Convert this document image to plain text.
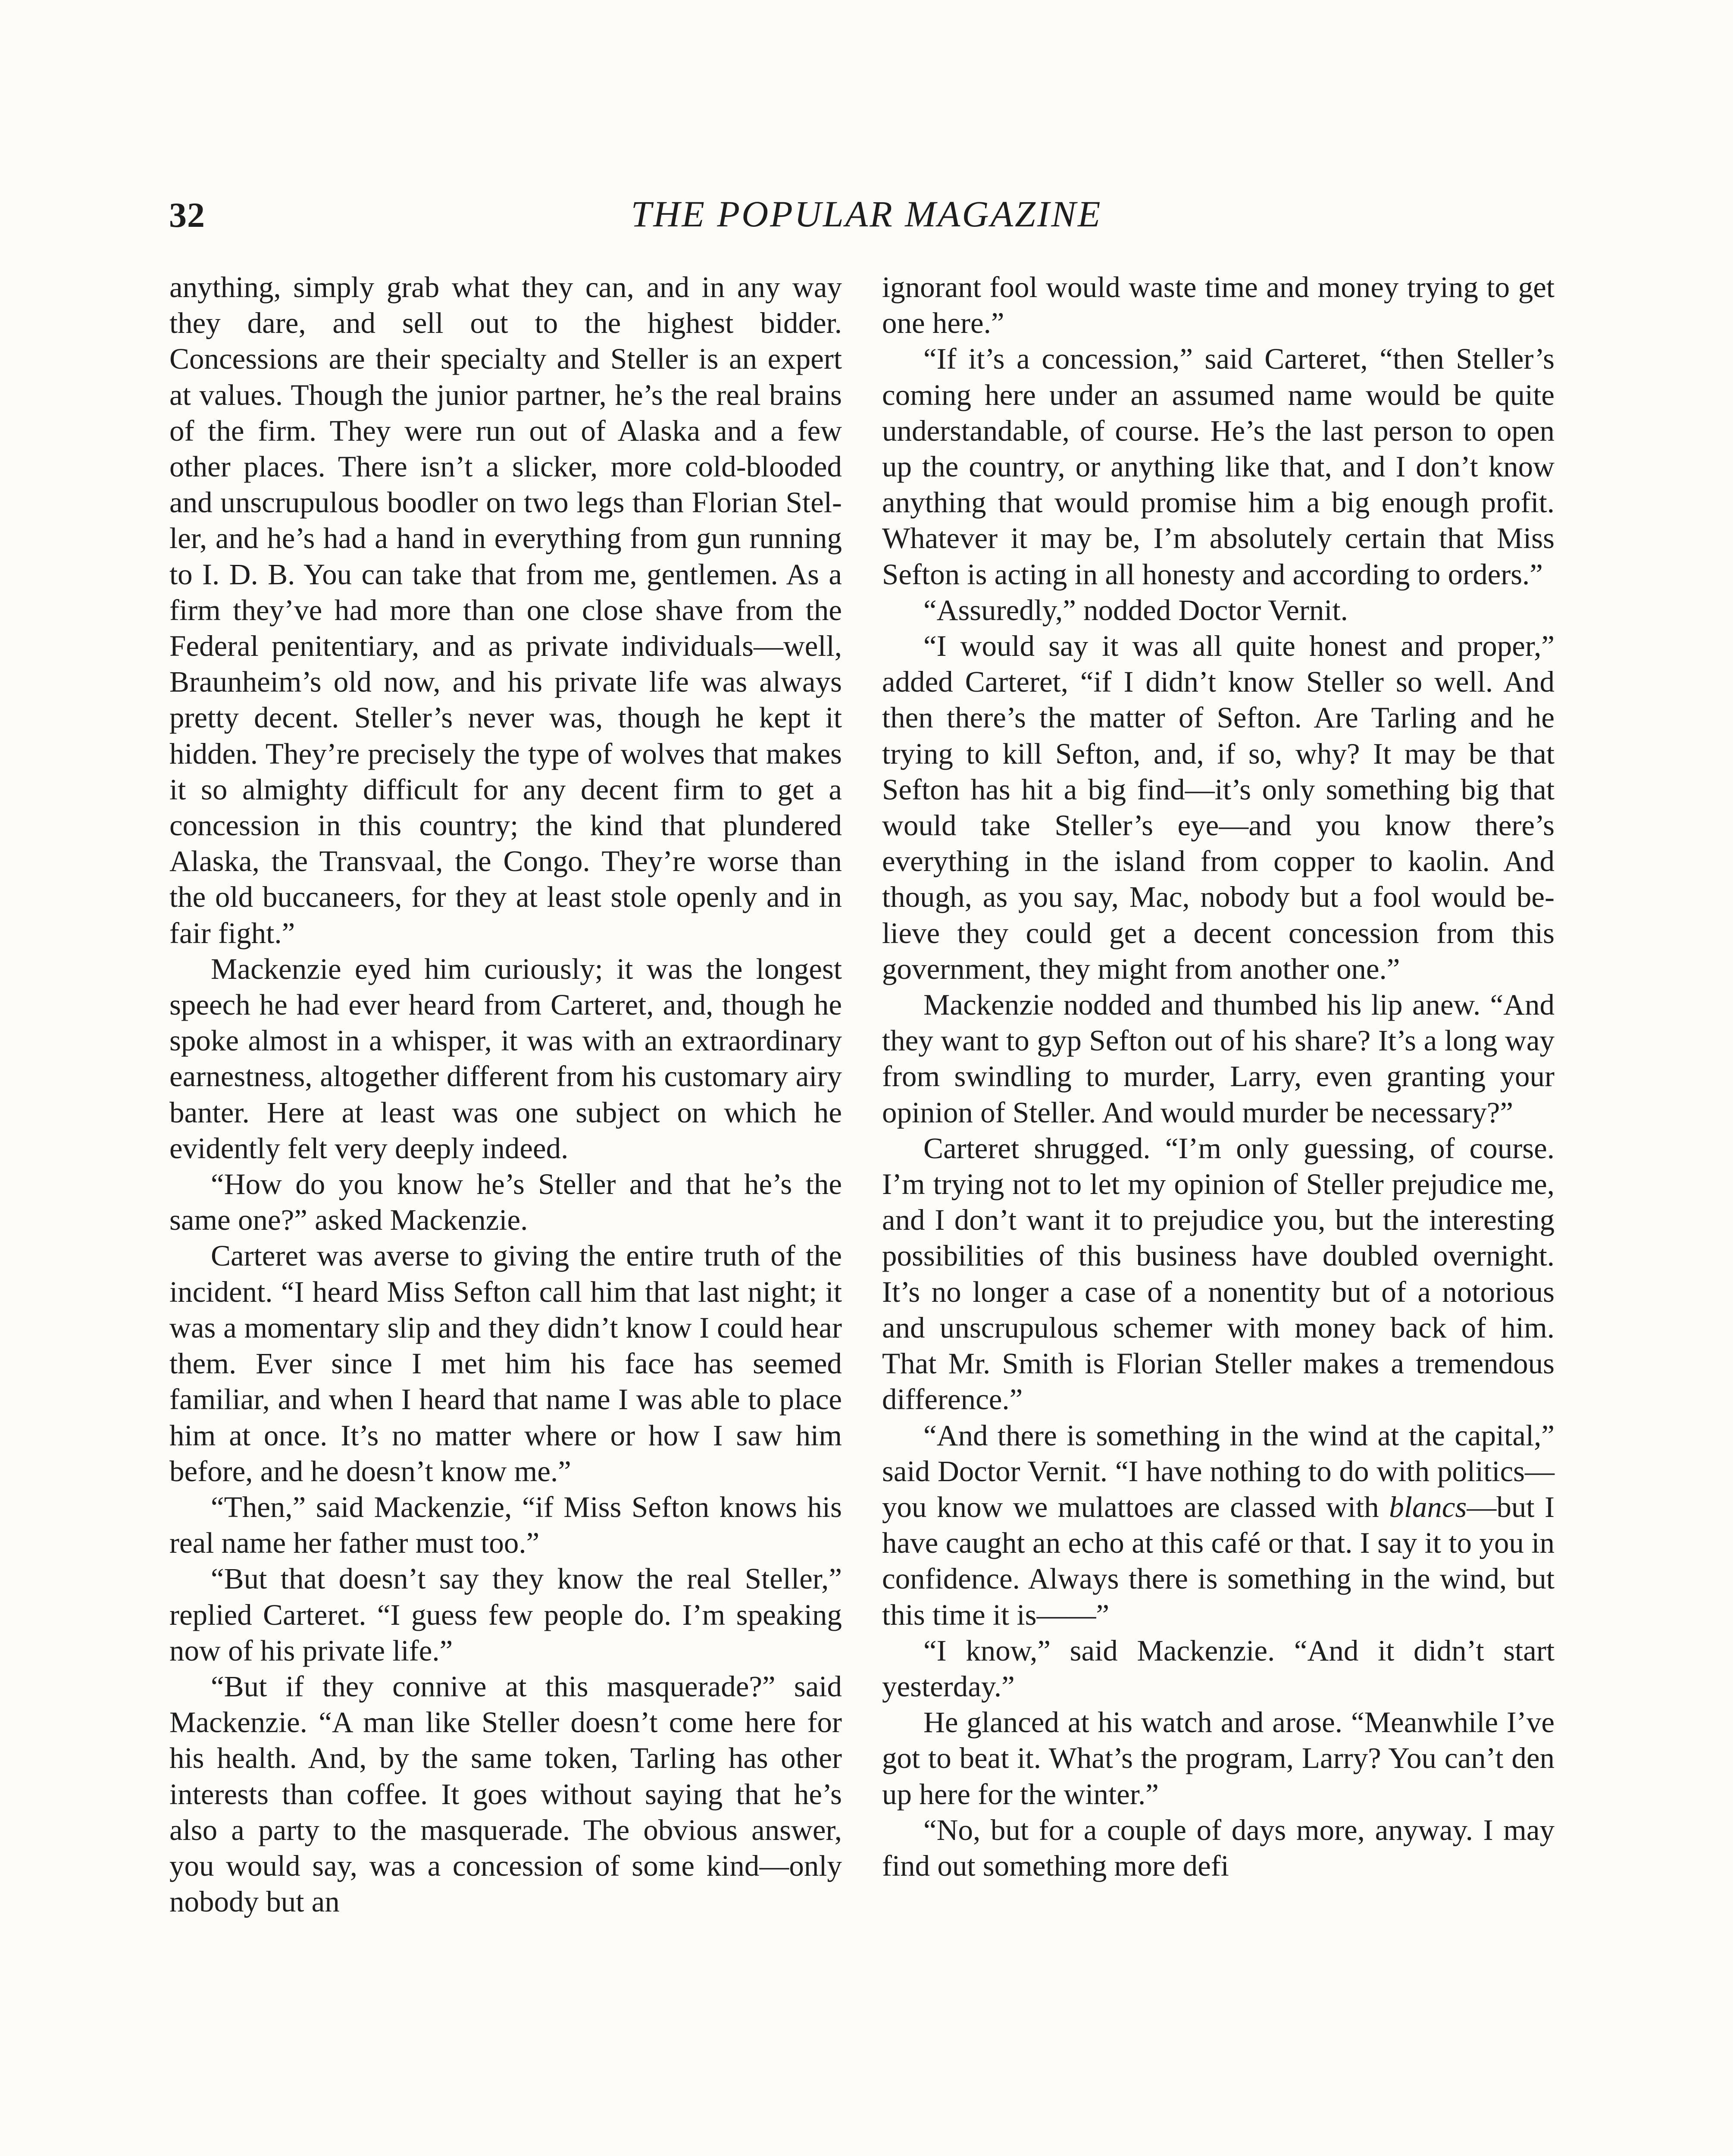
32	THE POPULAR MAGAZINE

anything, simply grab what they can, and in any way they dare, and sell out to the highest bidder. Concessions are their specialty and Steller is an expert at values. Though the junior partner, he’s the real brains of the firm. They were run out of Alaska and a few other places. There isn’t a slicker, more cold-blooded and unscrupulous boodler on two legs than Florian Steller, and he’s had a hand in everything from gun running to I. D. B. You can take that from me, gentlemen. As a firm they’ve had more than one close shave from the Federal penitentiary, and as private individuals—well, Braunheim’s old now, and his private life was always pretty decent. Steller’s never was, though he kept it hidden. They’re precisely the type of wolves that makes it so almighty difficult for any decent firm to get a concession in this country; the kind that plundered Alaska, the Transvaal, the Congo. They’re worse than the old buccaneers, for they at least stole openly and in fair fight.”

Mackenzie eyed him curiously; it was the longest speech he had ever heard from Carteret, and, though he spoke almost in a whisper, it was with an extraordinary earnestness, altogether different from his customary airy banter. Here at least was one subject on which he evidently felt very deeply indeed.

“How do you know he’s Steller and that he’s the same one?” asked Mackenzie.

Carteret was averse to giving the entire truth of the incident. “I heard Miss Sefton call him that last night; it was a momentary slip and they didn’t know I could hear them. Ever since I met him his face has seemed familiar, and when I heard that name I was able to place him at once. It’s no matter where or how I saw him before, and he doesn’t know me.”

“Then,” said Mackenzie, “if Miss Sefton knows his real name her father must too.”

“But that doesn’t say they know the real Steller,” replied Carteret. “I guess few people do. I’m speaking now of his private life.”

“But if they connive at this masquerade?” said Mackenzie. “A man like Steller doesn’t come here for his health. And, by the same token, Tarling has other interests than coffee. It goes without saying that he’s also a party to the masquerade. The obvious answer, you would say, was a concession of some kind—only nobody but an

ignorant fool would waste time and money trying to get one here.”

“If it’s a concession,” said Carteret, “then Steller’s coming here under an assumed name would be quite understandable, of course. He’s the last person to open up the country, or anything like that, and I don’t know anything that would promise him a big enough profit. Whatever it may be, I’m absolutely certain that Miss Sefton is acting in all honesty and according to orders.”

“Assuredly,” nodded Doctor Vernit.

“I would say it was all quite honest and proper,” added Carteret, “if I didn’t know Steller so well. And then there’s the matter of Sefton. Are Tarling and he trying to kill Sefton, and, if so, why? It may be that Sefton has hit a big find—it’s only something big that would take Steller’s eye—and you know there’s everything in the island from copper to kaolin. And though, as you say, Mac, nobody but a fool would believe they could get a decent concession from this government, they might from another one.”

Mackenzie nodded and thumbed his lip anew. “And they want to gyp Sefton out of his share? It’s a long way from swindling to murder, Larry, even granting your opinion of Steller. And would murder be necessary?”

Carteret shrugged. “I’m only guessing, of course. I’m trying not to let my opinion of Steller prejudice me, and I don’t want it to prejudice you, but the interesting possibilities of this business have doubled overnight. It’s no longer a case of a nonentity but of a notorious and unscrupulous schemer with money back of him. That Mr. Smith is Florian Steller makes a tremendous difference.”

“And there is something in the wind at the capital,” said Doctor Vernit. “I have nothing to do with politics—you know we mulattoes are classed with blancs—but I have caught an echo at this café or that. I say it to you in confidence. Always there is something in the wind, but this time it is——”

“I know,” said Mackenzie. “And it didn’t start yesterday.”

He glanced at his watch and arose. “Meanwhile I’ve got to beat it. What’s the program, Larry? You can’t den up here for the winter.”

“No, but for a couple of days more, anyway. I may find out something more defi
